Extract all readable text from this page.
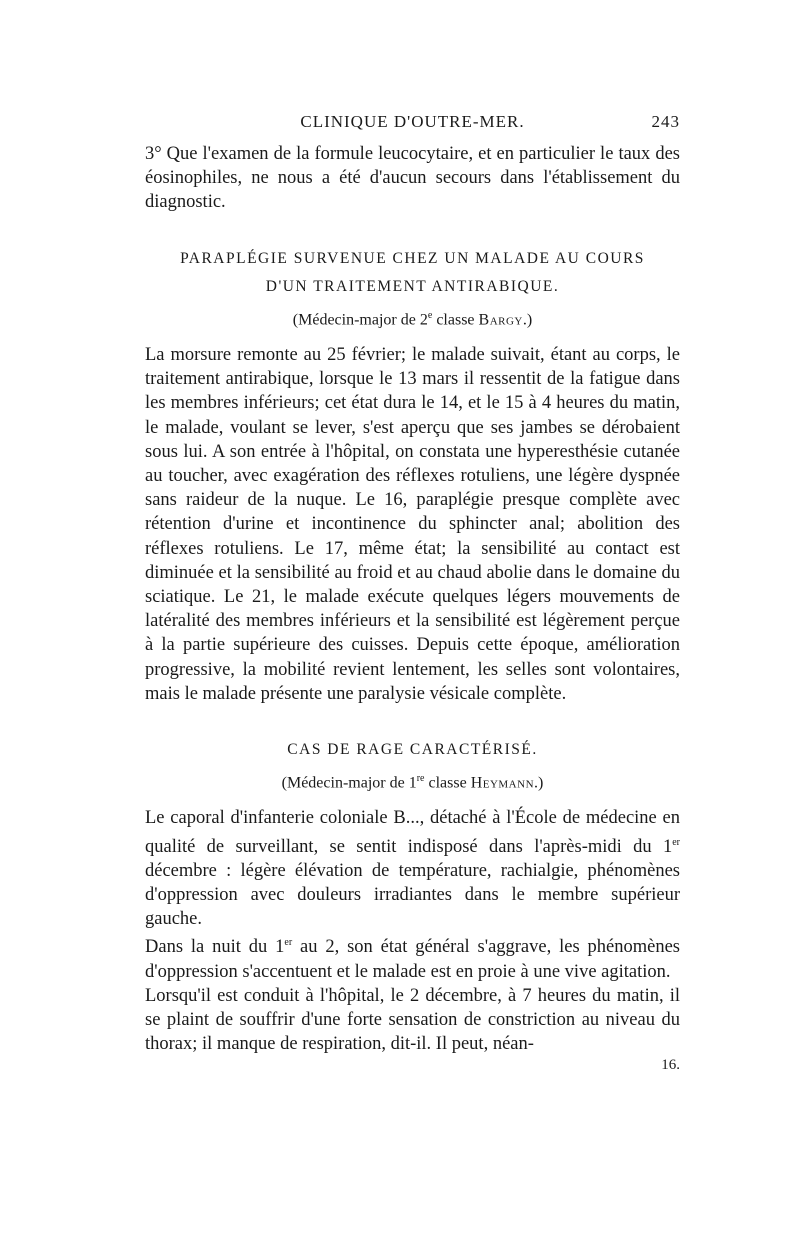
CLINIQUE D'OUTRE-MER.	243

3° Que l'examen de la formule leucocytaire, et en particulier le taux des éosinophiles, ne nous a été d'aucun secours dans l'établissement du diagnostic.

PARAPLÉGIE SURVENUE CHEZ UN MALADE AU COURS
D'UN TRAITEMENT ANTIRABIQUE.
(Médecin-major de 2e classe Bargy.)

La morsure remonte au 25 février; le malade suivait, étant au corps, le traitement antirabique, lorsque le 13 mars il ressentit de la fatigue dans les membres inférieurs; cet état dura le 14, et le 15 à 4 heures du matin, le malade, voulant se lever, s'est aperçu que ses jambes se dérobaient sous lui. A son entrée à l'hôpital, on constata une hyperesthésie cutanée au toucher, avec exagération des réflexes rotuliens, une légère dyspnée sans raideur de la nuque. Le 16, paraplégie presque complète avec rétention d'urine et incontinence du sphincter anal; abolition des réflexes rotuliens. Le 17, même état; la sensibilité au contact est diminuée et la sensibilité au froid et au chaud abolie dans le domaine du sciatique. Le 21, le malade exécute quelques légers mouvements de latéralité des membres inférieurs et la sensibilité est légèrement perçue à la partie supérieure des cuisses. Depuis cette époque, amélioration progressive, la mobilité revient lentement, les selles sont volontaires, mais le malade présente une paralysie vésicale complète.

CAS DE RAGE CARACTÉRISÉ.
(Médecin-major de 1re classe Heymann.)

Le caporal d'infanterie coloniale B..., détaché à l'École de médecine en qualité de surveillant, se sentit indisposé dans l'après-midi du 1er décembre : légère élévation de température, rachialgie, phénomènes d'oppression avec douleurs irradiantes dans le membre supérieur gauche.

Dans la nuit du 1er au 2, son état général s'aggrave, les phénomènes d'oppression s'accentuent et le malade est en proie à une vive agitation.

Lorsqu'il est conduit à l'hôpital, le 2 décembre, à 7 heures du matin, il se plaint de souffrir d'une forte sensation de constriction au niveau du thorax; il manque de respiration, dit-il. Il peut, néan-

16.
